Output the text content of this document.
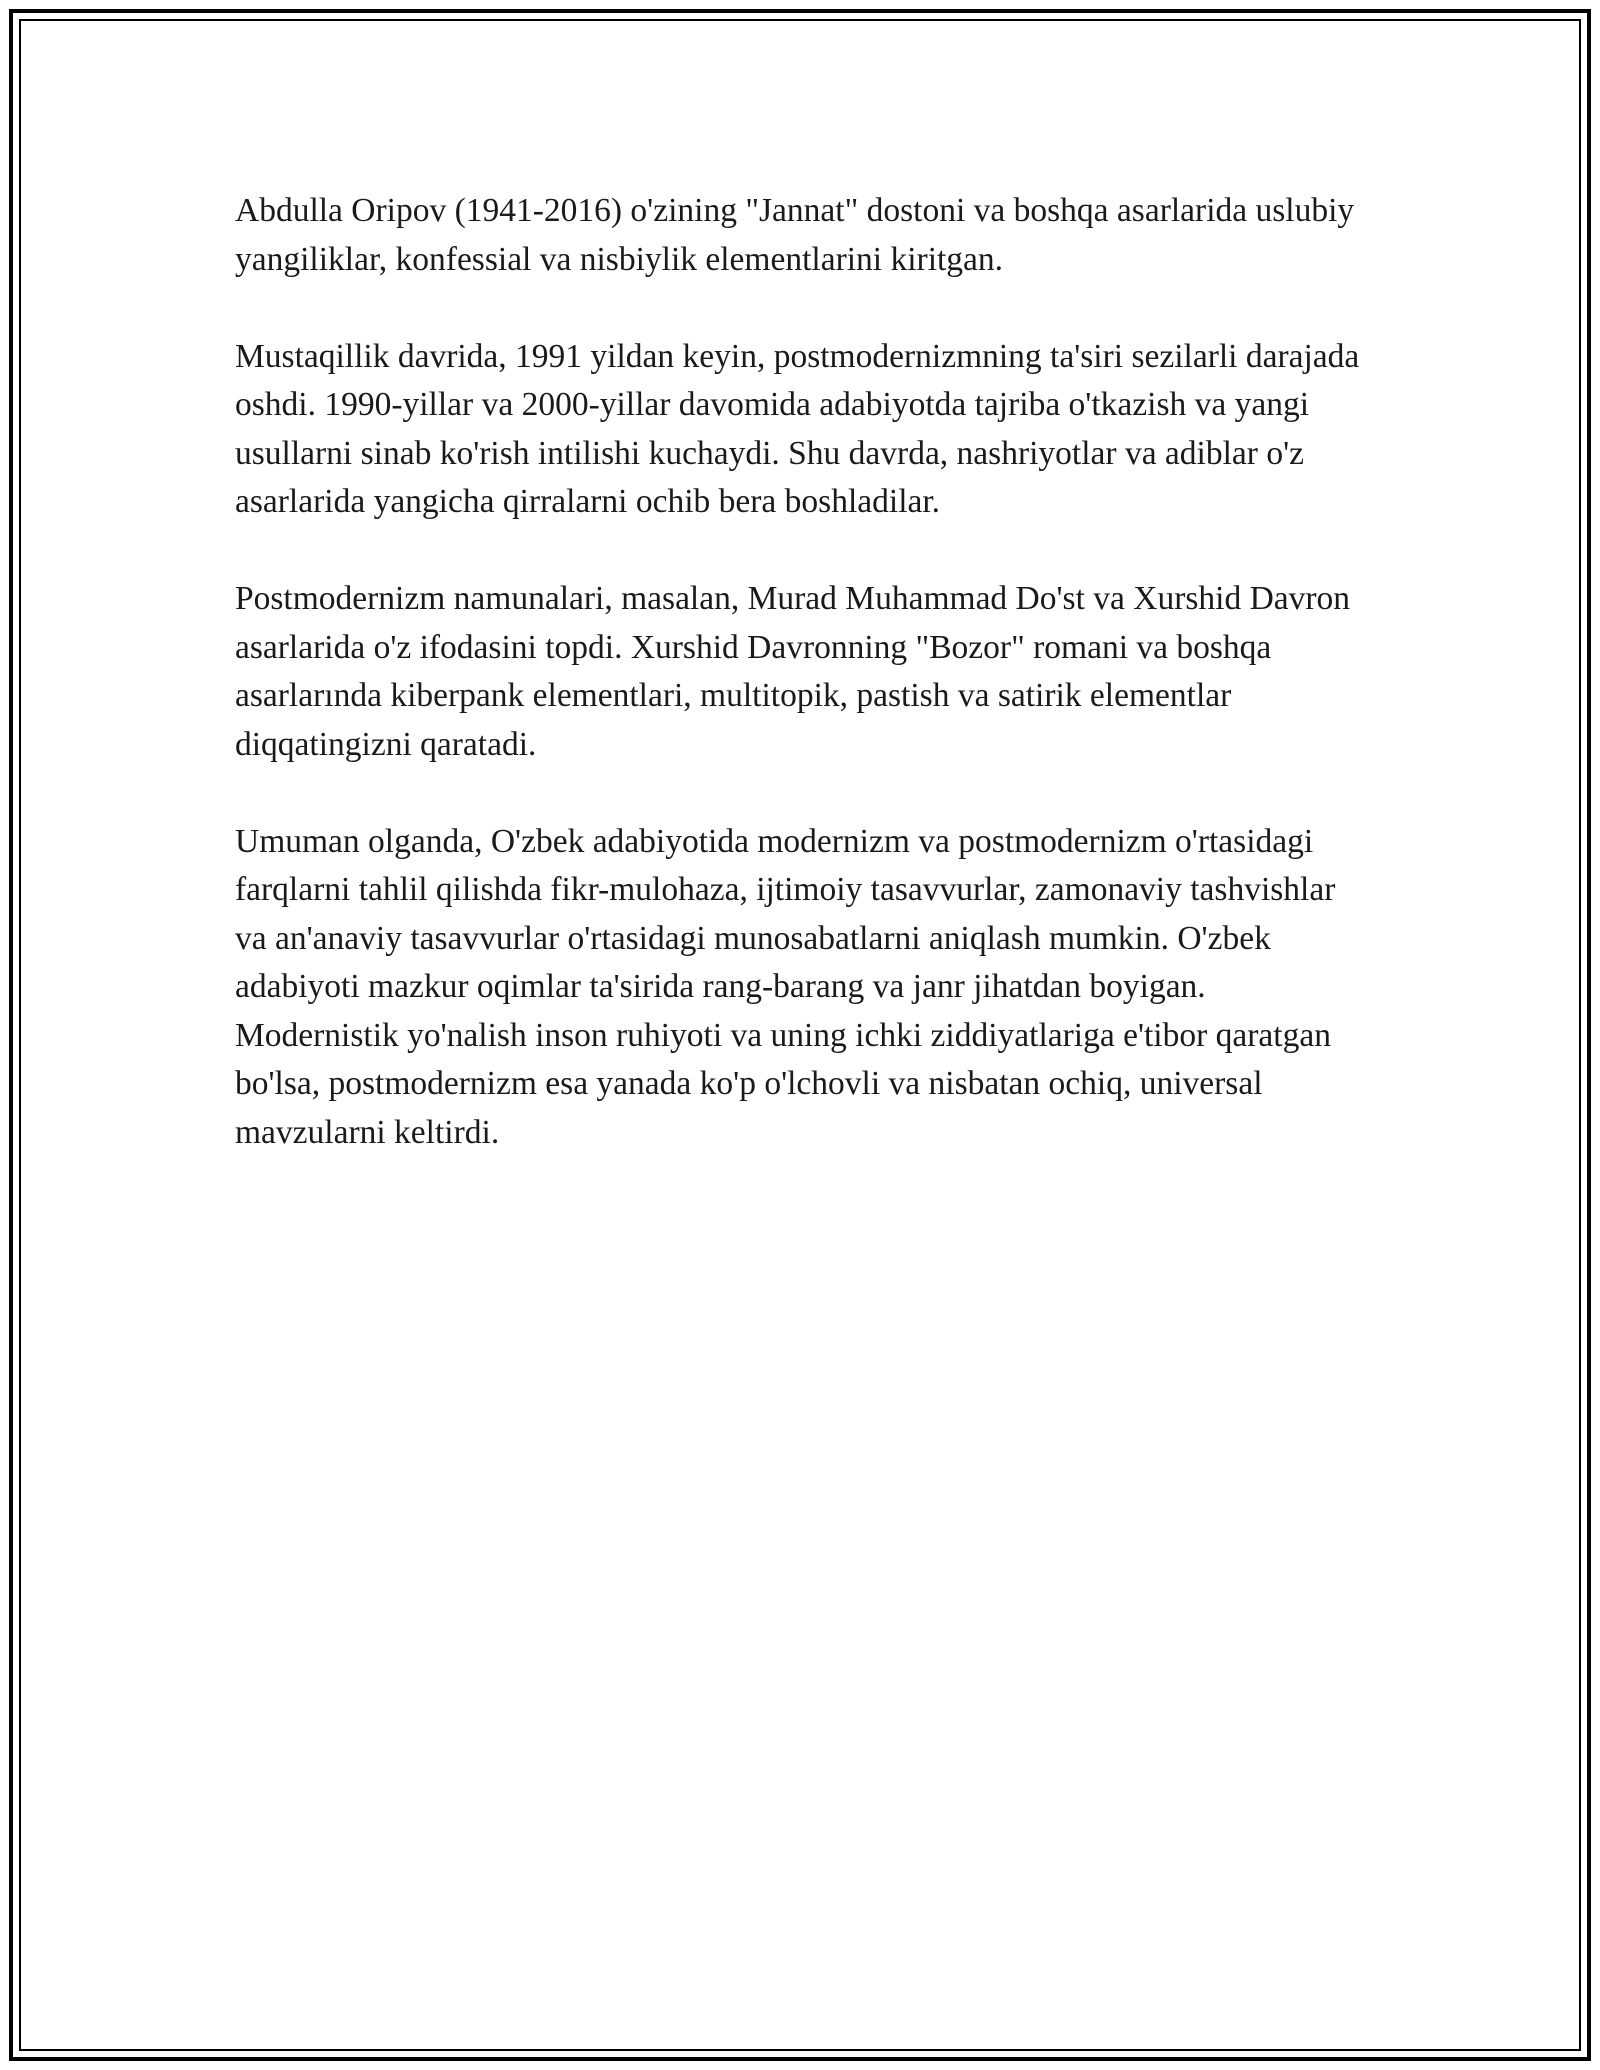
Abdulla Oripov (1941-2016) o'zining "Jannat" dostoni va boshqa asarlarida uslubiy yangiliklar, konfessial va nisbiylik elementlarini kiritgan.

Mustaqillik davrida, 1991 yildan keyin, postmodernizmning ta'siri sezilarli darajada oshdi. 1990-yillar va 2000-yillar davomida adabiyotda tajriba o'tkazish va yangi usullarni sinab ko'rish intilishi kuchaydi. Shu davrda, nashriyotlar va adiblar o'z asarlarida yangicha qirralarni ochib bera boshladilar.

Postmodernizm namunalari, masalan, Murad Muhammad Do'st va Xurshid Davron asarlarida o'z ifodasini topdi. Xurshid Davronning "Bozor" romani va boshqa asarlarında kiberpank elementlari, multitopik, pastish va satirik elementlar diqqatingizni qaratadi.

Umuman olganda, O'zbek adabiyotida modernizm va postmodernizm o'rtasidagi farqlarni tahlil qilishda fikr-mulohaza, ijtimoiy tasavvurlar, zamonaviy tashvishlar va an'anaviy tasavvurlar o'rtasidagi munosabatlarni aniqlash mumkin. O'zbek adabiyoti mazkur oqimlar ta'sirida rang-barang va janr jihatdan boyigan. Modernistik yo'nalish inson ruhiyoti va uning ichki ziddiyatlariga e'tibor qaratgan bo'lsa, postmodernizm esa yanada ko'p o'lchovli va nisbatan ochiq, universal mavzularni keltirdi.
